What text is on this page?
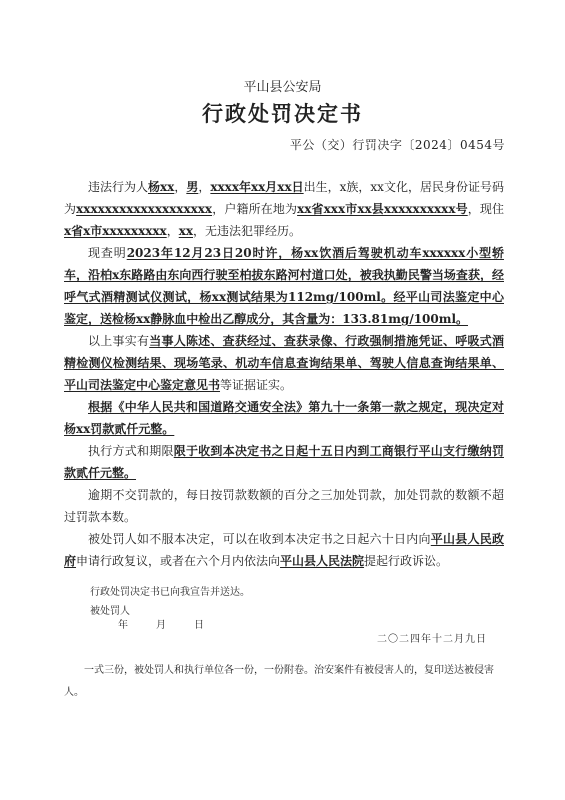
平山县公安局
行政处罚决定书
平公（交）行罚决字〔2024〕0454号

违法行为人杨xx，男，xxxx年xx月xx日出生，x族，xx文化，居民身份证号码为xxxxxxxxxxxxxxxxxxx，户籍所在地为xx省xxx市xx县xxxxxxxxxx号，现住x省x市xxxxxxxxx，xx，无违法犯罪经历。

现查明2023年12月23日20时许，杨xx饮酒后驾驶机动车xxxxxx小型轿车，沿柏x东路路由东向西行驶至柏拔东路河村道口处，被我执勤民警当场查获，经呼气式酒精测试仪测试，杨xx测试结果为112mg/100ml。经平山司法鉴定中心鉴定，送检杨xx静脉血中检出乙醇成分，其含量为：133.81mg/100ml。

以上事实有当事人陈述、查获经过、查获录像、行政强制措施凭证、呼吸式酒精检测仪检测结果、现场笔录、机动车信息查询结果单、驾驶人信息查询结果单、平山司法鉴定中心鉴定意见书等证据证实。

根据《中华人民共和国道路交通安全法》第九十一条第一款之规定，现决定对杨xx罚款贰仟元整。

执行方式和期限限于收到本决定书之日起十五日内到工商银行平山支行缴纳罚款贰仟元整。

逾期不交罚款的，每日按罚款数额的百分之三加处罚款，加处罚款的数额不超过罚款本数。

被处罚人如不服本决定，可以在收到本决定书之日起六十日内向平山县人民政府申请行政复议，或者在六个月内依法向平山县人民法院提起行政诉讼。

行政处罚决定书已向我宣告并送达。
被处罚人
年	月	日
二〇二四年十二月九日
一式三份，被处罚人和执行单位各一份，一份附卷。治安案件有被侵害人的，复印送达被侵害人。
